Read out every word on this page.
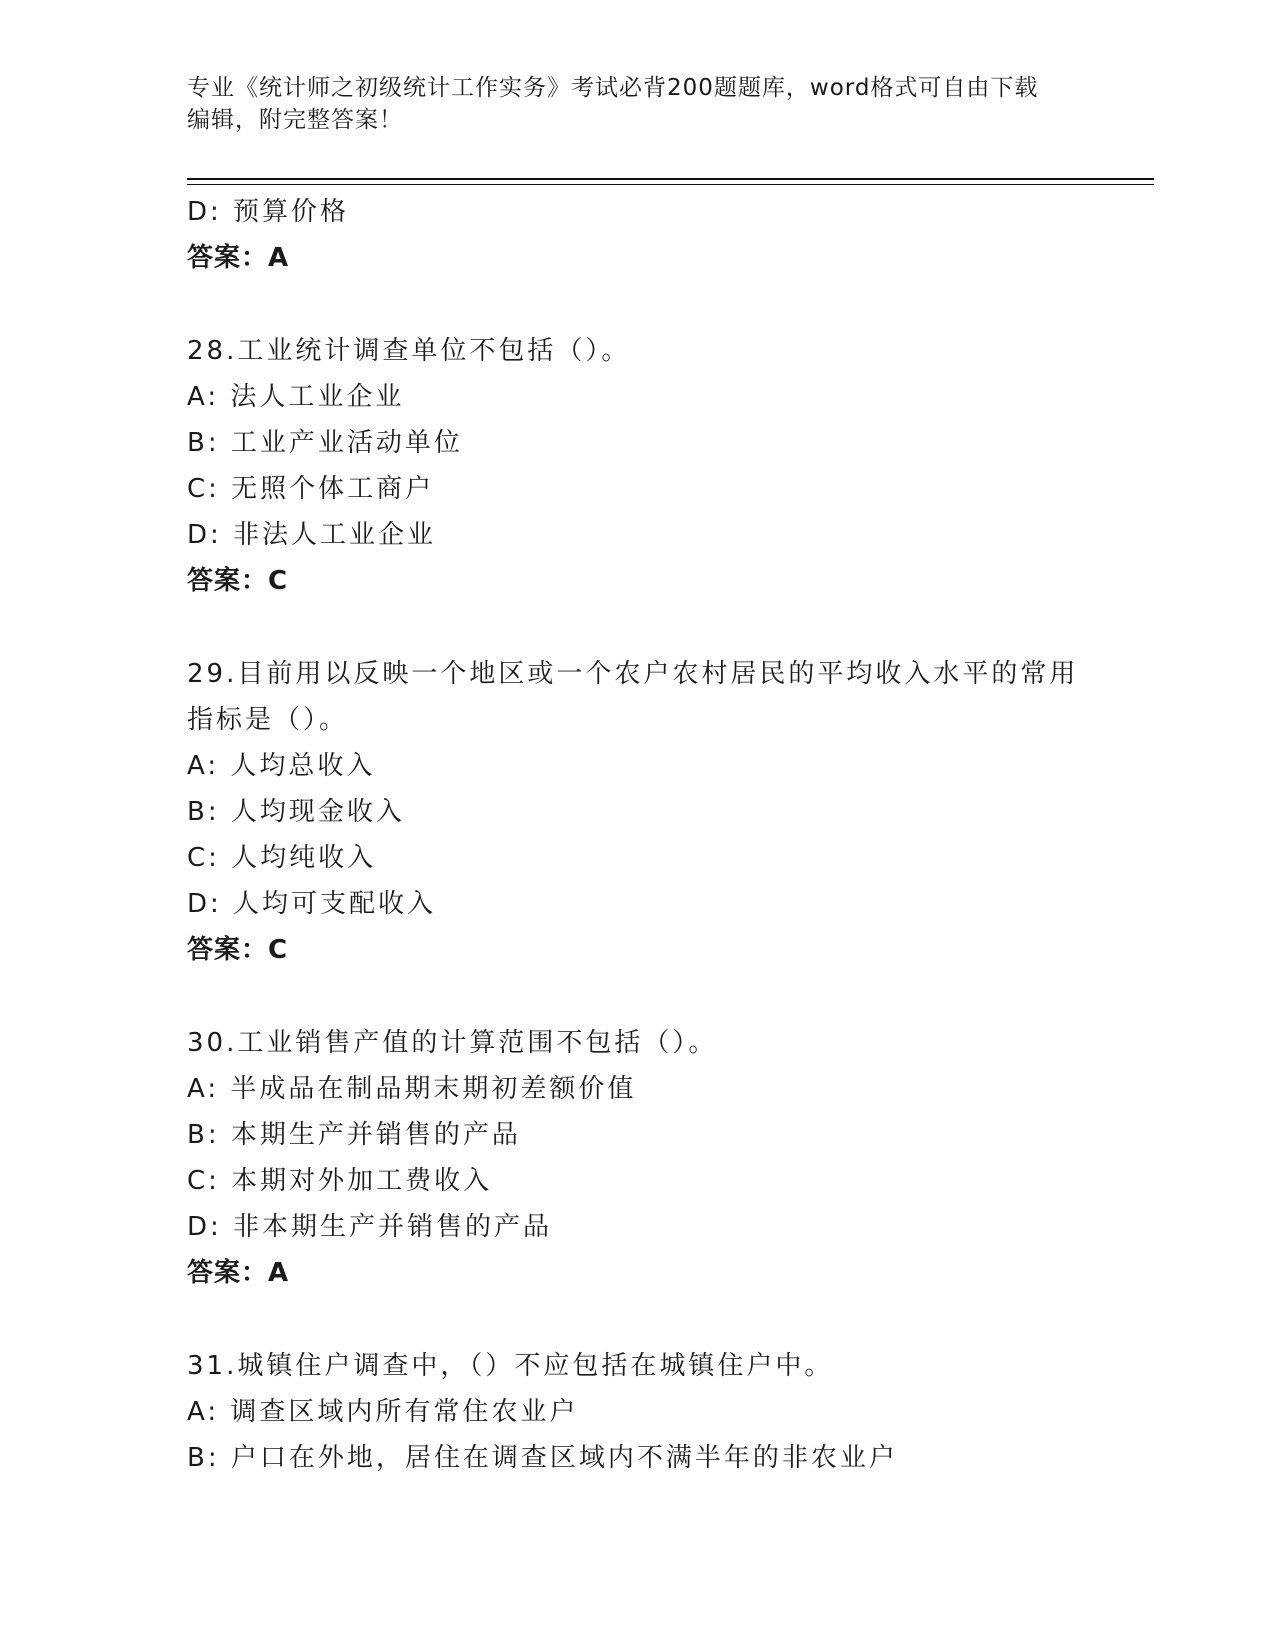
专业《统计师之初级统计工作实务》考试必背200题题库，word格式可自由下载
编辑，附完整答案！
D: 预算价格
答案：A
28.工业统计调查单位不包括（）。
A: 法人工业企业
B: 工业产业活动单位
C: 无照个体工商户
D: 非法人工业企业
答案：C
29.目前用以反映一个地区或一个农户农村居民的平均收入水平的常用
指标是（）。
A: 人均总收入
B: 人均现金收入
C: 人均纯收入
D: 人均可支配收入
答案：C
30.工业销售产值的计算范围不包括（）。
A: 半成品在制品期末期初差额价值
B: 本期生产并销售的产品
C: 本期对外加工费收入
D: 非本期生产并销售的产品
答案：A
31.城镇住户调查中，（）不应包括在城镇住户中。
A: 调查区域内所有常住农业户
B: 户口在外地，居住在调查区域内不满半年的非农业户
